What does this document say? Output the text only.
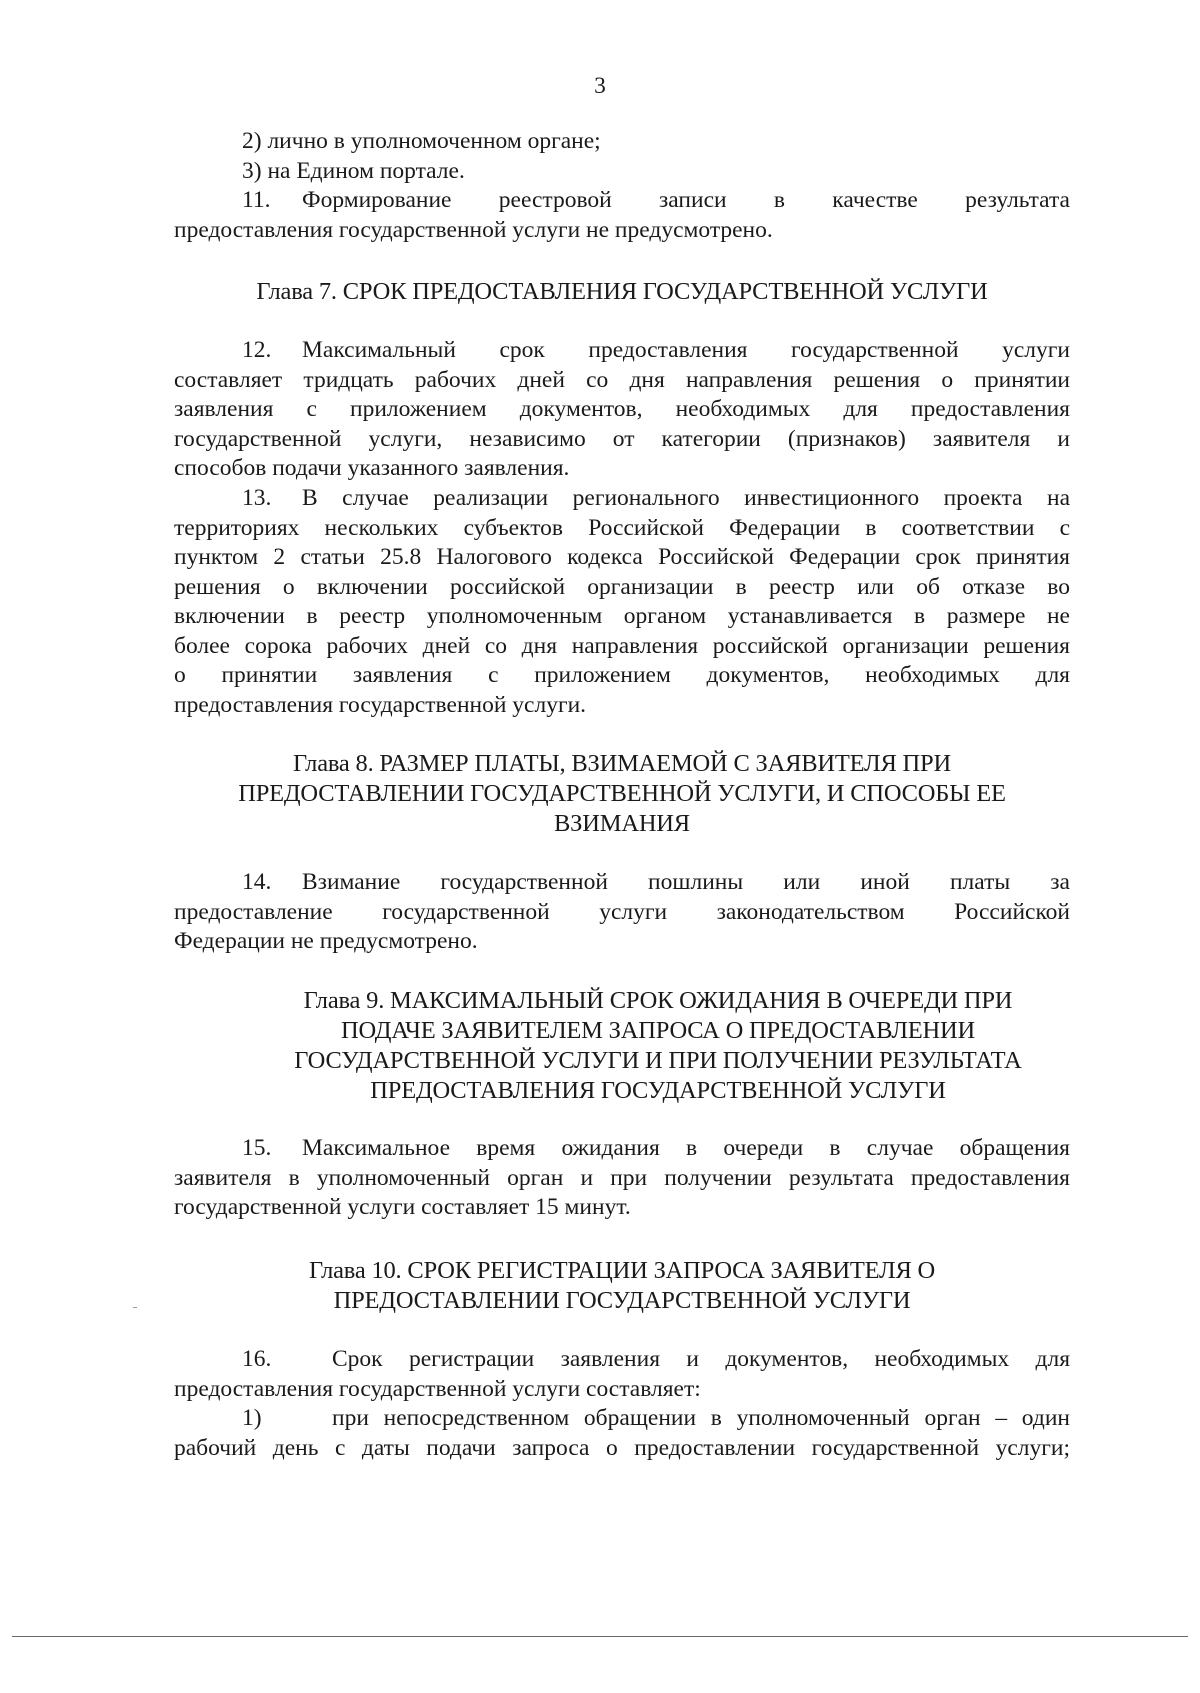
3
2) лично в уполномоченном органе;
3) на Едином портале.
11. Формирование реестровой записи в качестве результата
предоставления государственной услуги не предусмотрено.
Глава 7. СРОК ПРЕДОСТАВЛЕНИЯ ГОСУДАРСТВЕННОЙ УСЛУГИ
12. Максимальный срок предоставления государственной услуги
составляет тридцать рабочих дней со дня направления решения о принятии
заявления с приложением документов, необходимых для предоставления
государственной услуги, независимо от категории (признаков) заявителя и
способов подачи указанного заявления.
13. В случае реализации регионального инвестиционного проекта на
территориях нескольких субъектов Российской Федерации в соответствии с
пунктом 2 статьи 25.8 Налогового кодекса Российской Федерации срок принятия
решения о включении российской организации в реестр или об отказе во
включении в реестр уполномоченным органом устанавливается в размере не
более сорока рабочих дней со дня направления российской организации решения
о принятии заявления с приложением документов, необходимых для
предоставления государственной услуги.
Глава 8. РАЗМЕР ПЛАТЫ, ВЗИМАЕМОЙ С ЗАЯВИТЕЛЯ ПРИ
ПРЕДОСТАВЛЕНИИ ГОСУДАРСТВЕННОЙ УСЛУГИ, И СПОСОБЫ ЕЕ
ВЗИМАНИЯ
14. Взимание государственной пошлины или иной платы за
предоставление государственной услуги законодательством Российской
Федерации не предусмотрено.
Глава 9. МАКСИМАЛЬНЫЙ СРОК ОЖИДАНИЯ В ОЧЕРЕДИ ПРИ
ПОДАЧЕ ЗАЯВИТЕЛЕМ ЗАПРОСА О ПРЕДОСТАВЛЕНИИ
ГОСУДАРСТВЕННОЙ УСЛУГИ И ПРИ ПОЛУЧЕНИИ РЕЗУЛЬТАТА
ПРЕДОСТАВЛЕНИЯ ГОСУДАРСТВЕННОЙ УСЛУГИ
15. Максимальное время ожидания в очереди в случае обращения
заявителя в уполномоченный орган и при получении результата предоставления
государственной услуги составляет 15 минут.
Глава 10. СРОК РЕГИСТРАЦИИ ЗАПРОСА ЗАЯВИТЕЛЯ О
ПРЕДОСТАВЛЕНИИ ГОСУДАРСТВЕННОЙ УСЛУГИ
16.	Срок регистрации заявления и документов, необходимых для
предоставления государственной услуги составляет:
1)	при непосредственном обращении в уполномоченный орган – один
рабочий день с даты подачи запроса о предоставлении государственной услуги;
